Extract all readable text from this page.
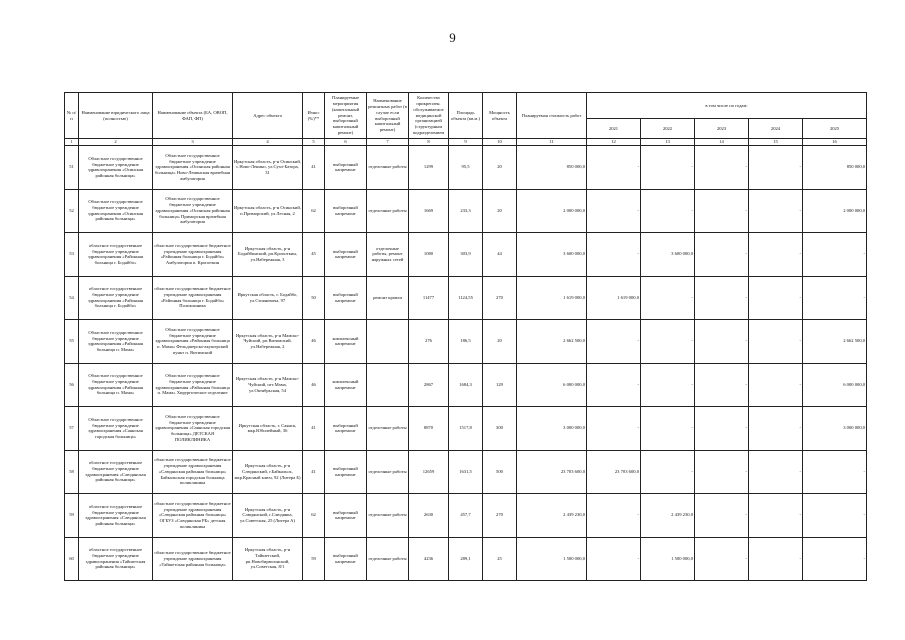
9
№ п/п	Наименование юридического лица (полностью)	Наименование объекта (БА, ОВОП, ФАП, ФП)	Адрес объекта	Износ (%)**	Планируемые мероприятия (капитальный ремонт, выборочный капитальный ремонт)	Наименование ремонтных работ (в случае если выборочный капитальный ремонт)	Количество прикреплен. обслуживаемое медицинской организацией (структурным подразделением	Площадь объекта (кв.м.)	Мощность объекта	Планируемая стоимость работ	в том числе по годам:				
											2021	2022	2023	2024	2025
1	2	3	4	5	6	7	8	9	10	11	12	13	14	15	16
51	Областное государственное бюджетное учреждение здравоохранения «Осинская районная больница»	Областное государственное бюджетное учреждение здравоохранения «Осинская районная больница» Ново-Ленинская врачебная амбулатория	Иркутская область, р-н Осинский, с.Ново-Ленино, ул.Сухэ-Батора, 31	41	выборочный капремонт	отделочные работы	1299	95,5	20	850 000,0	-	-	-	-	850 000,0
52	Областное государственное бюджетное учреждение здравоохранения «Осинская районная больница»	Областное государственное бюджетное учреждение здравоохранения «Осинская районная больница» Приморская врачебная амбулатория	Иркутская область, р-н Осинский, п.Приморский, ул.Лесная, 2	62	выборочный капремонт	отделочные работы	1669	233,3	20	2 000 000,0	-	-	-	-	2 000 000,0
53	областное государственное бюджетное учреждение здравоохранения «Районная больница г. Бодайбо»	областное государственное бюджетное учреждение здравоохранения «Районная больница г. Бодайбо» Амбулатория п. Кропоткин	Иркутская область, р-н Бодайбинский, рп.Кропоткин, ул.Набережная, 3	45	выборочный капремонт	отделочные работы, ремонт наружных сетей	1080	303,9	44	3 600 000,0	-	3 600 000,0	-	-	-
54	областное государственное бюджетное учреждение здравоохранения «Районная больница г. Бодайбо»	областное государственное бюджетное учреждение здравоохранения «Районная больница г. Бодайбо» Поликлиника	Иркутская область, г. Бодайбо, ул.Стояновича, 97	50	выборочный капремонт	ремонт кровли	11477	1124,55	270	1 619 000,0	1 619 000,0	-	-	-	-
55	Областное государственное бюджетное учреждение здравоохранения «Районная больница п. Мама»	Областное государственное бюджетное учреждение здравоохранения «Районная больница п. Мама» Фельдшерско-акушерский пункт п. Витимский	Иркутская область, р-н Мамско-Чуйский, рп.Витимский, ул.Набережная, 2	46	комплексный капремонт		276	186,5	20	2 662 500,0	-	-	-	-	2 662 500,0
56	Областное государственное бюджетное учреждение здравоохранения «Районная больница п. Мама»	Областное государственное бюджетное учреждение здравоохранения «Районная больница п. Мама» Хирургическое отделение	Иркутская область, р-н Мамско-Чуйский, пгт.Мама, ул.Октябрьская, 54	46	комплексный капремонт		2867	1684,3	129	6 000 000,0	-	-	-	-	6 000 000,0
57	Областное государственное бюджетное учреждение здравоохранения «Саянская городская больница»	Областное государственное бюджетное учреждение здравоохранения «Саянская городская больница» ДЕТСКАЯ ПОЛИКЛИНИКА	Иркутская область, г. Саянск, мкр.Юбилейный, 36	41	выборочный капремонт	отделочные работы	8870	1517,8	300	3 000 000,0	-	-	-	-	3 000 000,0
58	областное государственное бюджетное учреждение здравоохранения «Слюдянская районная больница»	областное государственное бюджетное учреждение здравоохранения «Слюдянская районная больница» Байкальская городская больница поликлиника	Иркутская область, р-н Слюдянский, г.Байкальск, мкр.Красный ключ, 92 (Литера Б)	41	выборочный капремонт	отделочные работы	12659	1631,5	500	23 703 600,0	23 703 600,0	-	-	-	-
59	областное государственное бюджетное учреждение здравоохранения «Слюдянская районная больница»	областное государственное бюджетное учреждение здравоохранения «Слюдянская районная больница» ОГБУЗ «Слюдянская РБ» детская поликлиника	Иркутская область, р-н Слюдянский, г.Слюдянка, ул.Советская, 25 (Литера А)	62	выборочный капремонт	отделочные работы	2630	457,7	270	2 439 230,0	-	2 439 230,0	-	-	-
60	областное государственное бюджетное учреждение здравоохранения «Тайшетская районная больница»	областное государственное бюджетное учреждение здравоохранения «Тайшетская районная больница»	Иркутская область, р-н Тайшетский, рп.Новобирюсинский, ул.Советская, 8/1	59	выборочный капремонт	отделочные работы	4236	289,1	25	1 500 000,0	-	1 500 000,0	-	-	-
